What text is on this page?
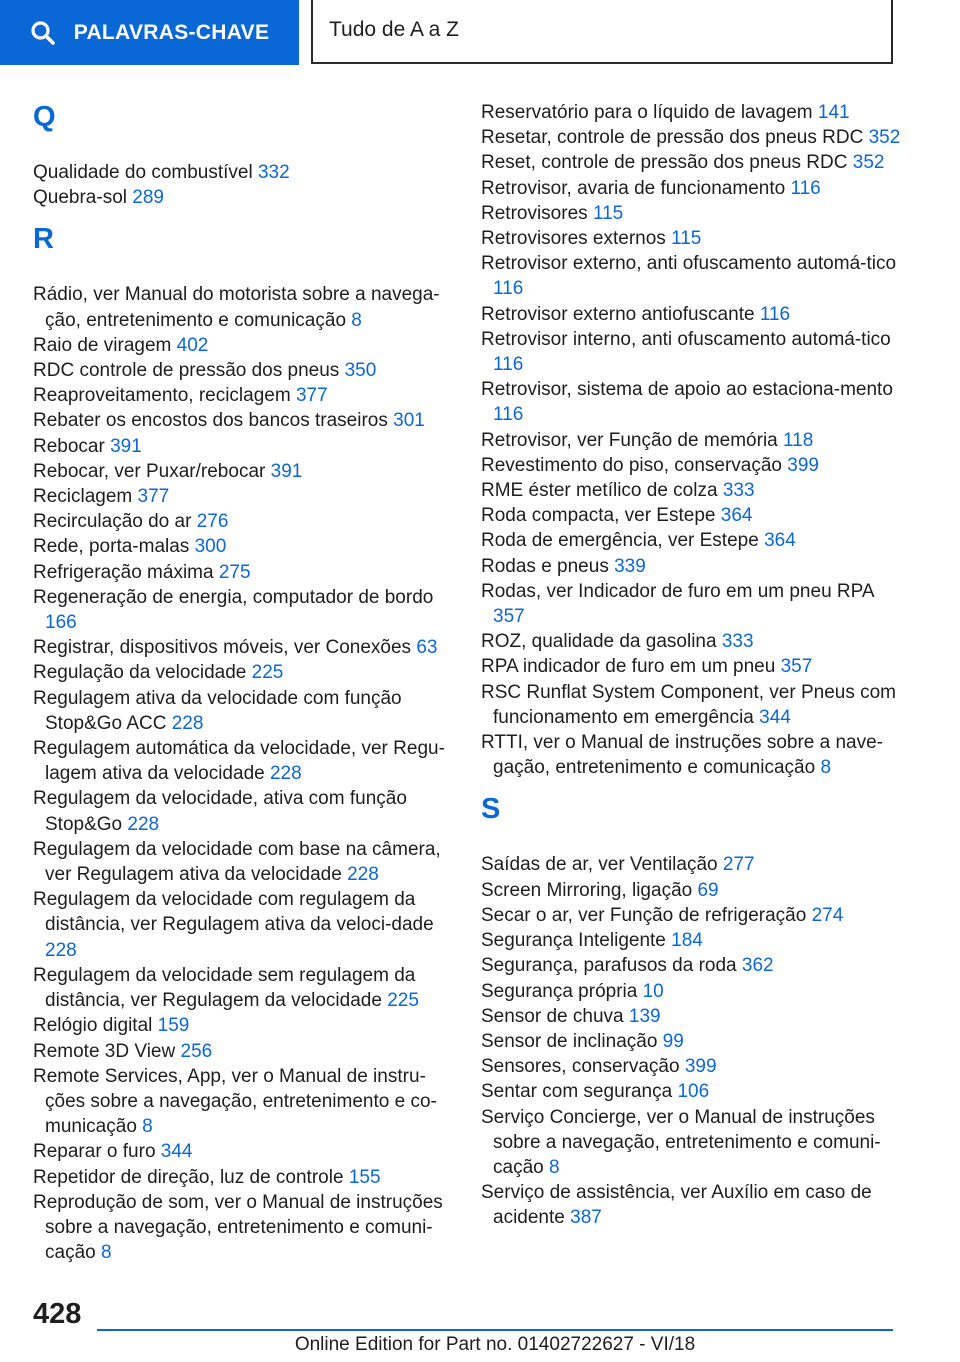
PALAVRAS-CHAVE	Tudo de A a Z
Q
Qualidade do combustível 332
Quebra-sol 289
R
Rádio, ver Manual do motorista sobre a navega-ção, entretenimento e comunicação 8
Raio de viragem 402
RDC controle de pressão dos pneus 350
Reaproveitamento, reciclagem 377
Rebater os encostos dos bancos traseiros 301
Rebocar 391
Rebocar, ver Puxar/rebocar 391
Reciclagem 377
Recirculação do ar 276
Rede, porta-malas 300
Refrigeração máxima 275
Regeneração de energia, computador de bordo 166
Registrar, dispositivos móveis, ver Conexões 63
Regulação da velocidade 225
Regulagem ativa da velocidade com função Stop&Go ACC 228
Regulagem automática da velocidade, ver Regu-lagem ativa da velocidade 228
Regulagem da velocidade, ativa com função Stop&Go 228
Regulagem da velocidade com base na câmera, ver Regulagem ativa da velocidade 228
Regulagem da velocidade com regulagem da distância, ver Regulagem ativa da veloci-dade 228
Regulagem da velocidade sem regulagem da distância, ver Regulagem da velocidade 225
Relógio digital 159
Remote 3D View 256
Remote Services, App, ver o Manual de instru-ções sobre a navegação, entretenimento e co-municação 8
Reparar o furo 344
Repetidor de direção, luz de controle 155
Reprodução de som, ver o Manual de instruções sobre a navegação, entretenimento e comuni-cação 8
Reservatório para o líquido de lavagem 141
Resetar, controle de pressão dos pneus RDC 352
Reset, controle de pressão dos pneus RDC 352
Retrovisor, avaria de funcionamento 116
Retrovisores 115
Retrovisores externos 115
Retrovisor externo, anti ofuscamento automá-tico 116
Retrovisor externo antiofuscante 116
Retrovisor interno, anti ofuscamento automá-tico 116
Retrovisor, sistema de apoio ao estaciona-mento 116
Retrovisor, ver Função de memória 118
Revestimento do piso, conservação 399
RME éster metílico de colza 333
Roda compacta, ver Estepe 364
Roda de emergência, ver Estepe 364
Rodas e pneus 339
Rodas, ver Indicador de furo em um pneu RPA 357
ROZ, qualidade da gasolina 333
RPA indicador de furo em um pneu 357
RSC Runflat System Component, ver Pneus com funcionamento em emergência 344
RTTI, ver o Manual de instruções sobre a nave-gação, entretenimento e comunicação 8
S
Saídas de ar, ver Ventilação 277
Screen Mirroring, ligação 69
Secar o ar, ver Função de refrigeração 274
Segurança Inteligente 184
Segurança, parafusos da roda 362
Segurança própria 10
Sensor de chuva 139
Sensor de inclinação 99
Sensores, conservação 399
Sentar com segurança 106
Serviço Concierge, ver o Manual de instruções sobre a navegação, entretenimento e comuni-cação 8
Serviço de assistência, ver Auxílio em caso de acidente 387
428
Online Edition for Part no. 01402722627 - VI/18
